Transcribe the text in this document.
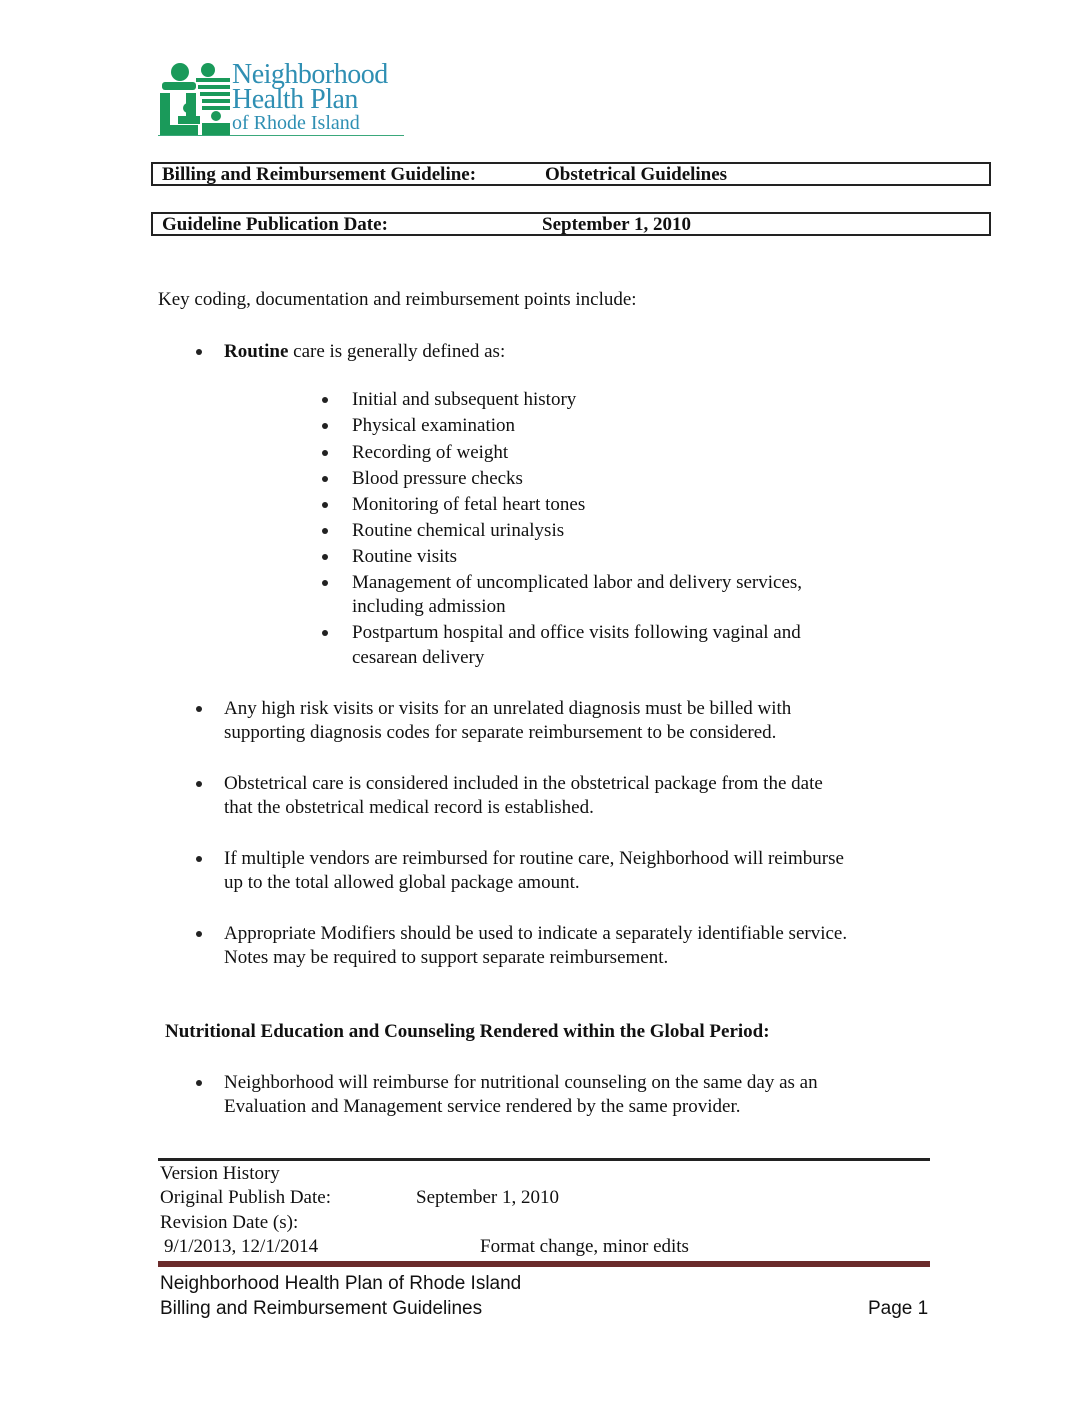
Neighborhood
Health Plan
of Rhode Island
Billing and Reimbursement Guideline:	Obstetrical Guidelines
Guideline Publication Date:	September 1, 2010
Key coding, documentation and reimbursement points include:
Routine care is generally defined as:
Initial and subsequent history
Physical examination
Recording of weight
Blood pressure checks
Monitoring of fetal heart tones
Routine chemical urinalysis
Routine visits
Management of uncomplicated labor and delivery services,
including admission
Postpartum hospital and office visits following vaginal and
cesarean delivery
Any high risk visits or visits for an unrelated diagnosis must be billed with
supporting diagnosis codes for separate reimbursement to be considered.
Obstetrical care is considered included in the obstetrical package from the date
that the obstetrical medical record is established.
If multiple vendors are reimbursed for routine care, Neighborhood will reimburse
up to the total allowed global package amount.
Appropriate Modifiers should be used to indicate a separately identifiable service.
Notes may be required to support separate reimbursement.
Nutritional Education and Counseling Rendered within the Global Period:
Neighborhood will reimburse for nutritional counseling on the same day as an
Evaluation and Management service rendered by the same provider.
Version History
Original Publish Date:	September 1, 2010
Revision Date (s):
9/1/2013, 12/1/2014	Format change, minor edits
Neighborhood Health Plan of Rhode Island
Billing and Reimbursement Guidelines	Page 1
